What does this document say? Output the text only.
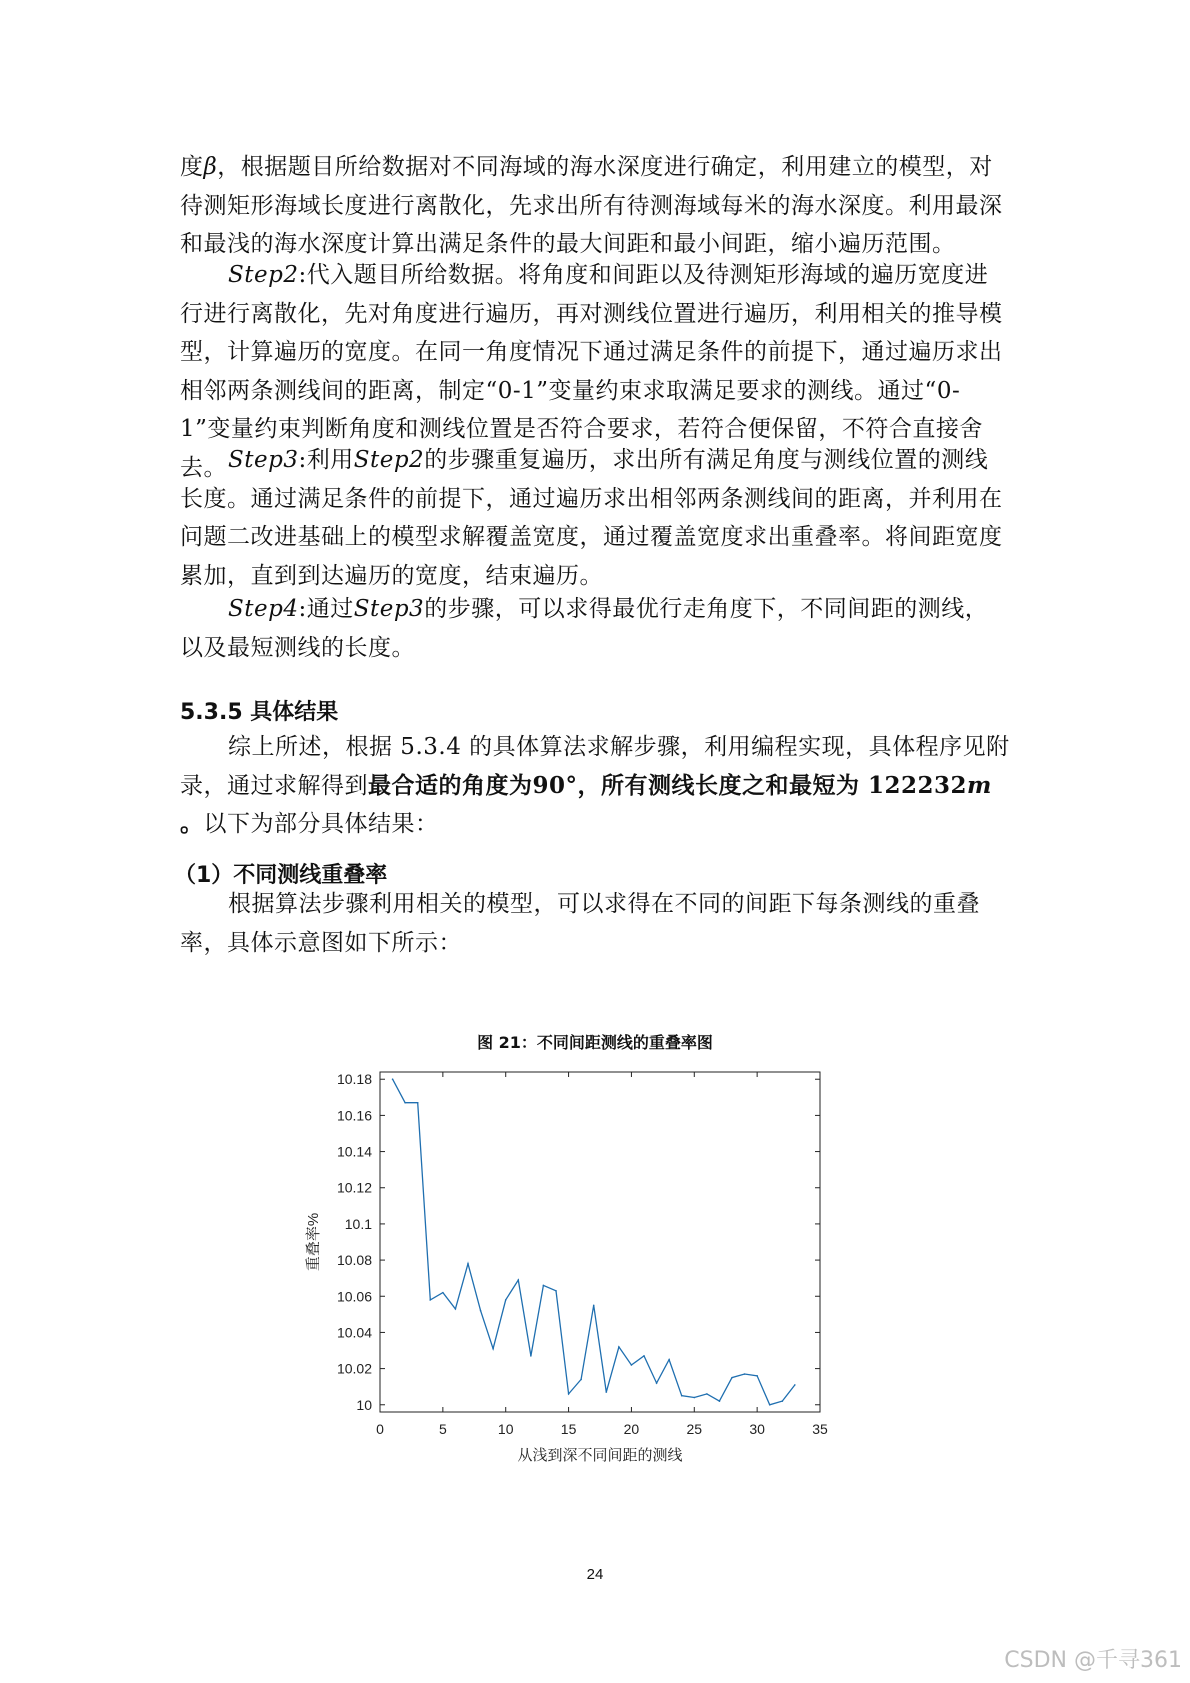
度β，根据题目所给数据对不同海域的海水深度进行确定，利用建立的模型，对待测矩形海域长度进行离散化，先求出所有待测海域每米的海水深度。利用最深和最浅的海水深度计算出满足条件的最大间距和最小间距，缩小遍历范围。

Step2:代入题目所给数据。将角度和间距以及待测矩形海域的遍历宽度进行进行离散化，先对角度进行遍历，再对测线位置进行遍历，利用相关的推导模型，计算遍历的宽度。在同一角度情况下通过满足条件的前提下，通过遍历求出相邻两条测线间的距离，制定“0-1”变量约束求取满足要求的测线。通过“0-1”变量约束判断角度和测线位置是否符合要求，若符合便保留，不符合直接舍去。 Step3:利用Step2的步骤重复遍历，求出所有满足角度与测线位置的测线长度。通过满足条件的前提下，通过遍历求出相邻两条测线间的距离，并利用在问题二改进基础上的模型求解覆盖宽度，通过覆盖宽度求出重叠率。将间距宽度累加，直到到达遍历的宽度，结束遍历。

Step4:通过Step3的步骤，可以求得最优行走角度下，不同间距的测线，以及最短测线的长度。

5.3.5 具体结果

综上所述，根据 5.3.4 的具体算法求解步骤，利用编程实现，具体程序见附录，通过求解得到最合适的角度为90°，所有测线长度之和最短为 122232m 。以下为部分具体结果：

（1）不同测线重叠率

根据算法步骤利用相关的模型，可以求得在不同的间距下每条测线的重叠率，具体示意图如下所示：

图 21：不同间距测线的重叠率图
0	5	10	15	20	25	30	35
10
10.02
10.04
10.06
10.08
10.1
10.12
10.14
10.16
10.18
从浅到深不同间距的测线
重叠率%
24
CSDN @千寻361
